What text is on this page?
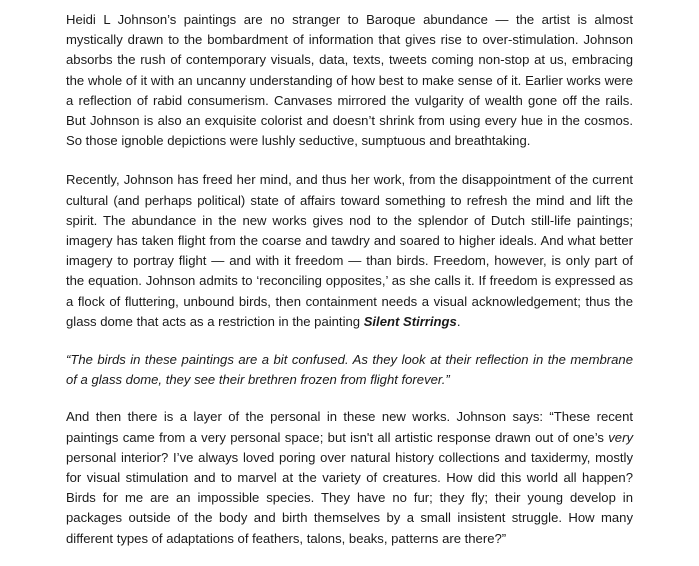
Heidi L Johnson’s paintings are no stranger to Baroque abundance — the artist is almost mystically drawn to the bombardment of information that gives rise to over-stimulation. Johnson absorbs the rush of contemporary visuals, data, texts, tweets coming non-stop at us, embracing the whole of it with an uncanny understanding of how best to make sense of it. Earlier works were a reflection of rabid consumerism. Canvases mirrored the vulgarity of wealth gone off the rails. But Johnson is also an exquisite colorist and doesn’t shrink from using every hue in the cosmos. So those ignoble depictions were lushly seductive, sumptuous and breathtaking.

Recently, Johnson has freed her mind, and thus her work, from the disappointment of the current cultural (and perhaps political) state of affairs toward something to refresh the mind and lift the spirit. The abundance in the new works gives nod to the splendor of Dutch still-life paintings; imagery has taken flight from the coarse and tawdry and soared to higher ideals. And what better imagery to portray flight — and with it freedom — than birds. Freedom, however, is only part of the equation. Johnson admits to ‘reconciling opposites,’ as she calls it. If freedom is expressed as a flock of fluttering, unbound birds, then containment needs a visual acknowledgement; thus the glass dome that acts as a restriction in the painting Silent Stirrings.

“The birds in these paintings are a bit confused. As they look at their reflection in the membrane of a glass dome, they see their brethren frozen from flight forever.”

And then there is a layer of the personal in these new works. Johnson says: “These recent paintings came from a very personal space; but isn't all artistic response drawn out of one’s very personal interior? I’ve always loved poring over natural history collections and taxidermy, mostly for visual stimulation and to marvel at the variety of creatures. How did this world all happen? Birds for me are an impossible species. They have no fur; they fly; their young develop in packages outside of the body and birth themselves by a small insistent struggle. How many different types of adaptations of feathers, talons, beaks, patterns are there?”
